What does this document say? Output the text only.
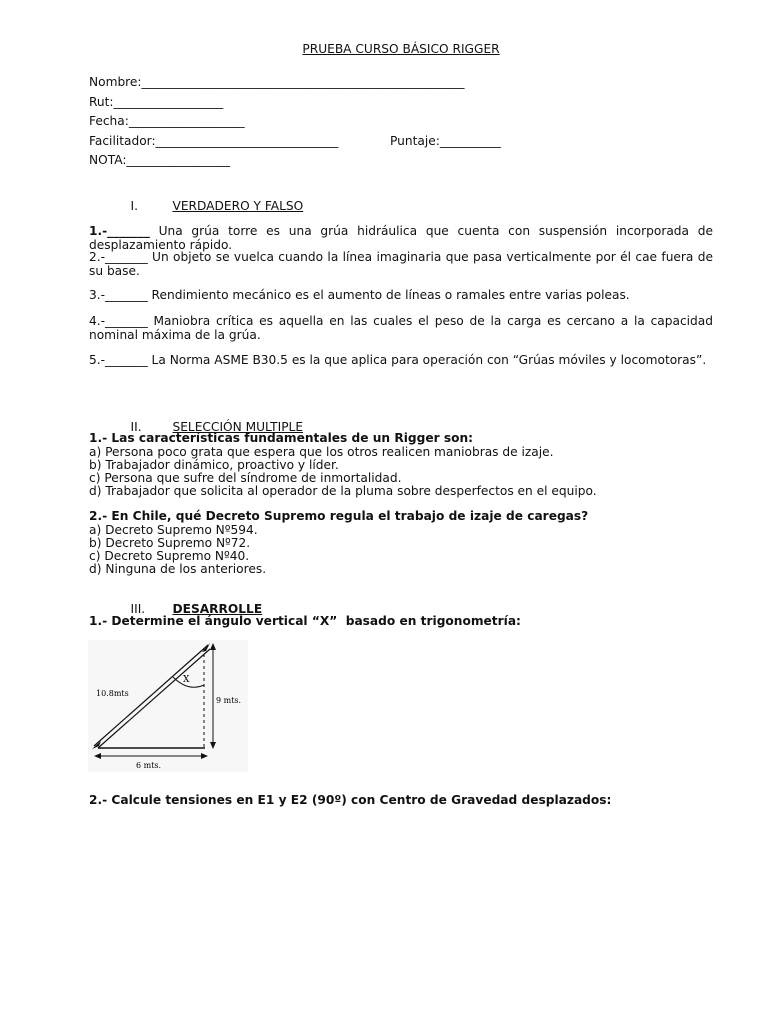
PRUEBA CURSO BÁSICO RIGGER
Nombre:_____________________________________________________
Rut:__________________
Fecha:___________________
Facilitador:______________________________	Puntaje:__________
NOTA:_________________

I.	VERDADERO Y FALSO

1.-_______ Una grúa torre es una grúa hidráulica que cuenta con suspensión incorporada de desplazamiento rápido.
2.-_______ Un objeto se vuelca cuando la línea imaginaria que pasa verticalmente por él cae fuera de su base.
3.-_______ Rendimiento mecánico es el aumento de líneas o ramales entre varias poleas.
4.-_______ Maniobra crítica es aquella en las cuales el peso de la carga es cercano a la capacidad nominal máxima de la grúa.
5.-_______ La Norma ASME B30.5 es la que aplica para operación con “Grúas móviles y locomotoras”.

II.	SELECCIÓN MULTIPLE

1.- Las características fundamentales de un Rigger son:
a) Persona poco grata que espera que los otros realicen maniobras de izaje.
b) Trabajador dinámico, proactivo y líder.
c) Persona que sufre del síndrome de inmortalidad.
d) Trabajador que solicita al operador de la pluma sobre desperfectos en el equipo.
2.- En Chile, qué Decreto Supremo regula el trabajo de izaje de caregas?
a) Decreto Supremo Nº594.
b) Decreto Supremo Nº72.
c) Decreto Supremo Nº40.
d) Ninguna de los anteriores.

III. DESARROLLE

1.- Determine el ángulo vertical “X”  basado en trigonometría:
X
9 mts.
6 mts.
10.8mts
2.- Calcule tensiones en E1 y E2 (90º) con Centro de Gravedad desplazados:
